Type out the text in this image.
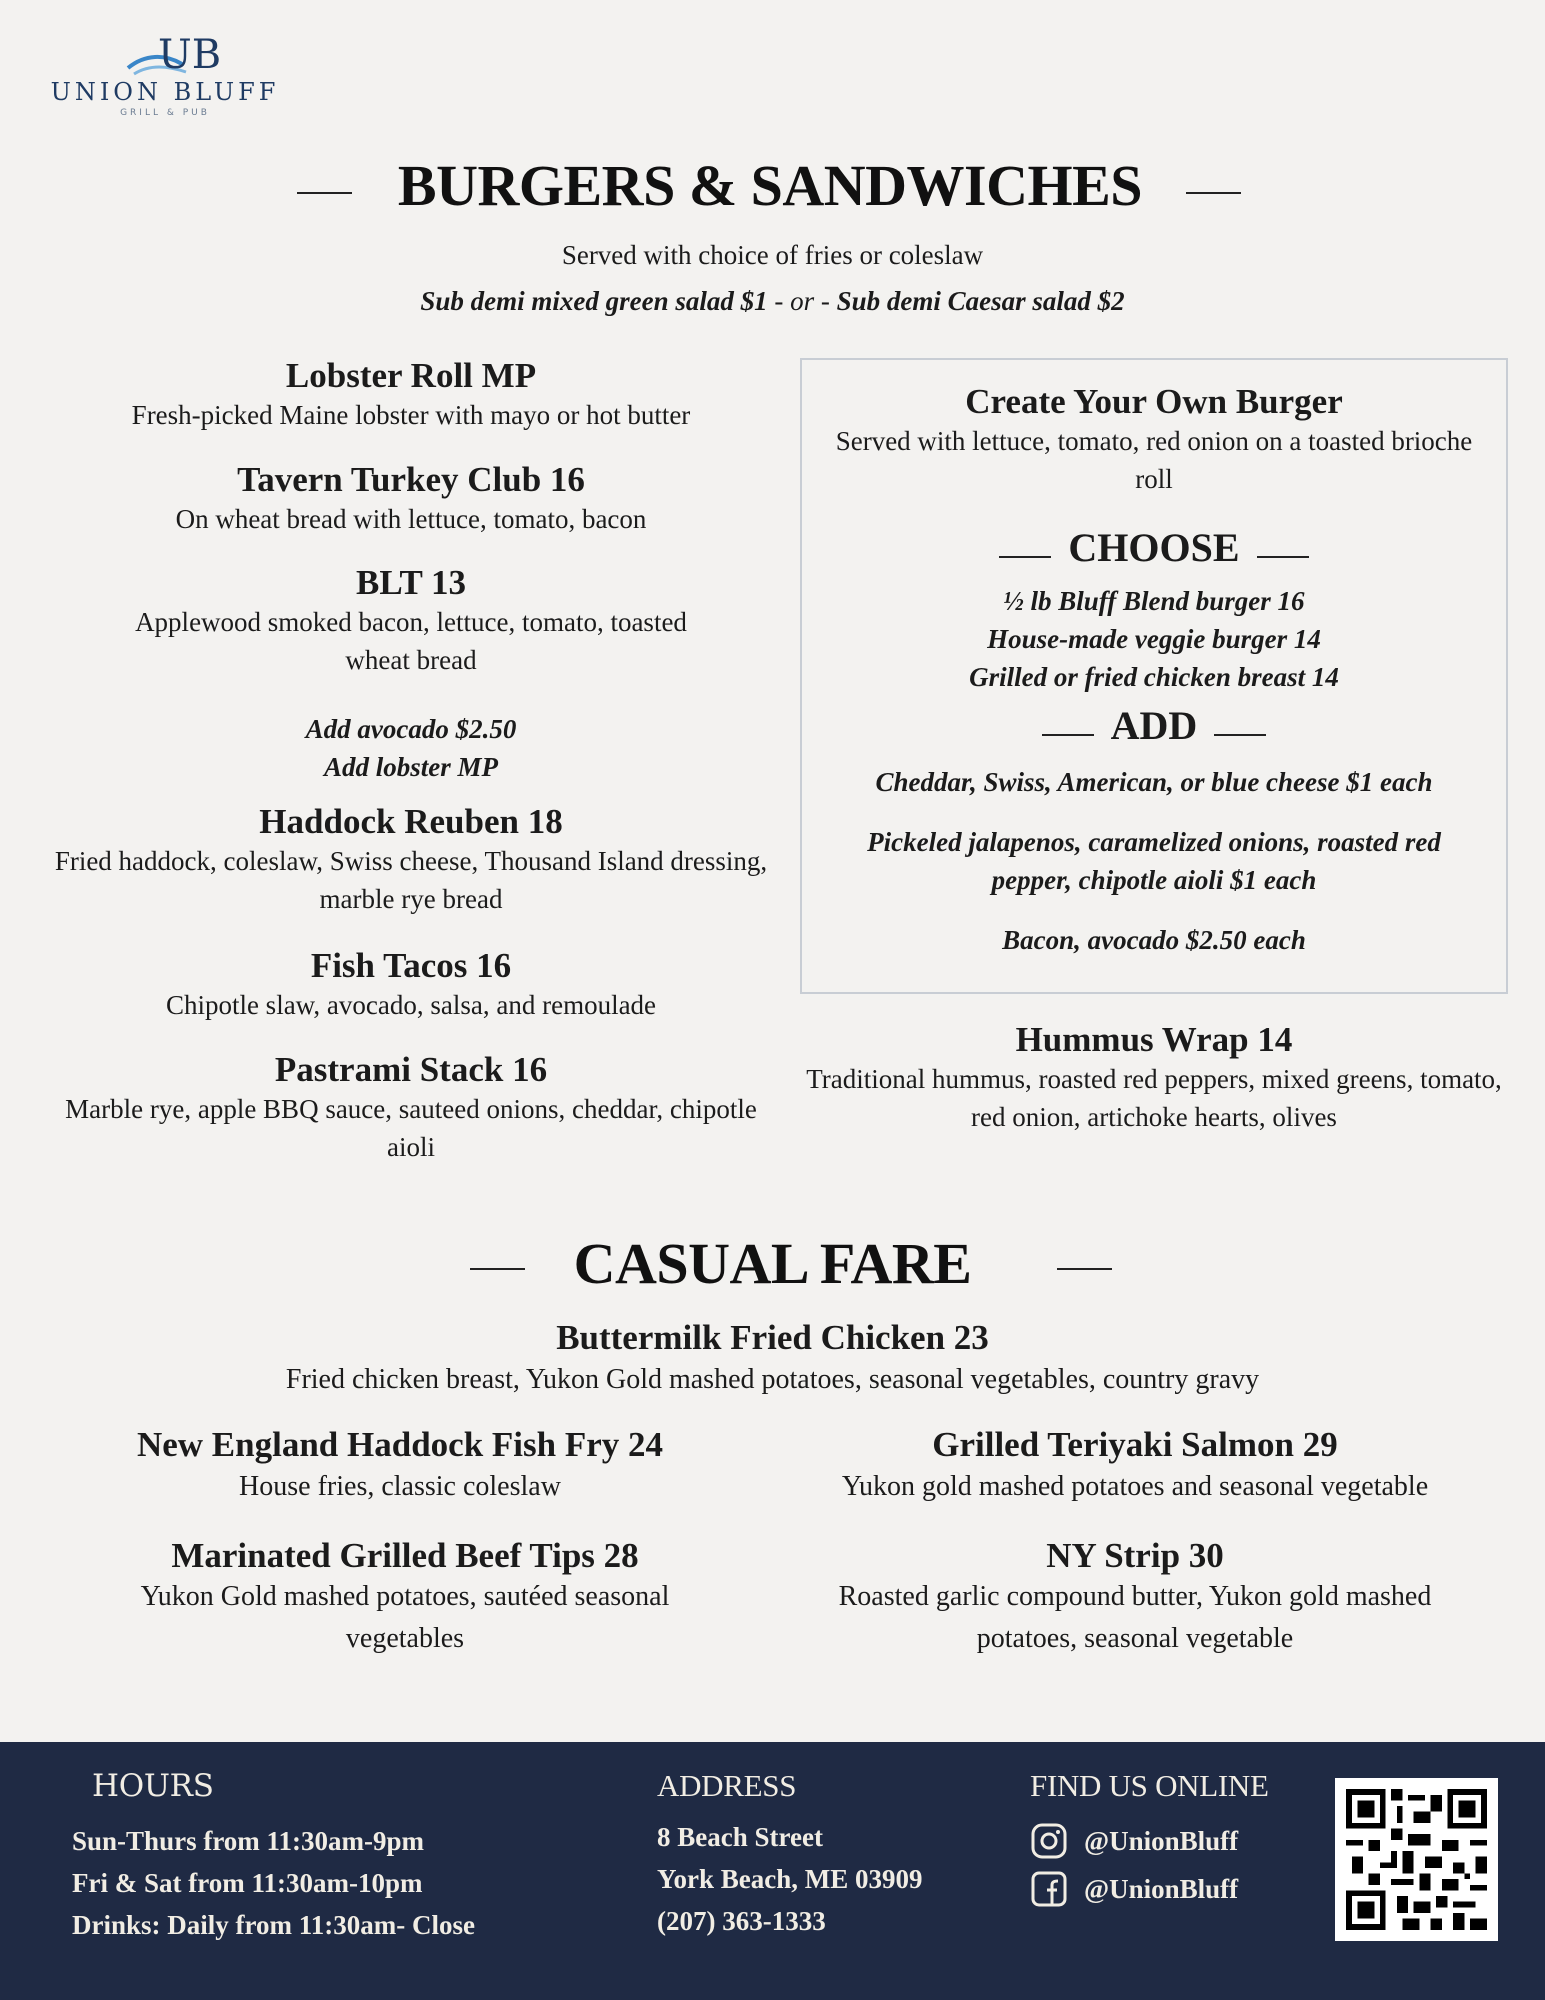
UB
UNION BLUFF
GRILL & PUB
BURGERS & SANDWICHES
Served with choice of fries or coleslaw
Sub demi mixed green salad $1 - or - Sub demi Caesar salad $2
Lobster Roll MP
Fresh-picked Maine lobster with mayo or hot butter
Tavern Turkey Club 16
On wheat bread with lettuce, tomato, bacon
BLT 13
Applewood smoked bacon, lettuce, tomato, toasted wheat bread
Add avocado $2.50
Add lobster MP
Haddock Reuben 18
Fried haddock, coleslaw, Swiss cheese, Thousand Island dressing, marble rye bread
Fish Tacos 16
Chipotle slaw, avocado, salsa, and remoulade
Pastrami Stack 16
Marble rye, apple BBQ sauce, sauteed onions, cheddar, chipotle aioli
Create Your Own Burger
Served with lettuce, tomato, red onion on a toasted brioche roll
CHOOSE
½ lb Bluff Blend burger 16
House-made veggie burger 14
Grilled or fried chicken breast 14
ADD
Cheddar, Swiss, American, or blue cheese $1 each
Pickeled jalapenos, caramelized onions, roasted red pepper, chipotle aioli $1 each
Bacon, avocado $2.50 each
Hummus Wrap 14
Traditional hummus, roasted red peppers, mixed greens, tomato, red onion, artichoke hearts, olives
CASUAL FARE
Buttermilk Fried Chicken 23
Fried chicken breast, Yukon Gold mashed potatoes, seasonal vegetables, country gravy
New England Haddock Fish Fry 24
House fries, classic coleslaw
Grilled Teriyaki Salmon 29
Yukon gold mashed potatoes and seasonal vegetable
Marinated Grilled Beef Tips 28
Yukon Gold mashed potatoes, sautéed seasonal vegetables
NY Strip 30
Roasted garlic compound butter, Yukon gold mashed potatoes, seasonal vegetable
HOURS
Sun-Thurs from 11:30am-9pm
Fri & Sat from 11:30am-10pm
Drinks: Daily from 11:30am- Close
ADDRESS
8 Beach Street
York Beach, ME 03909
(207) 363-1333
FIND US ONLINE
@UnionBluff
@UnionBluff
